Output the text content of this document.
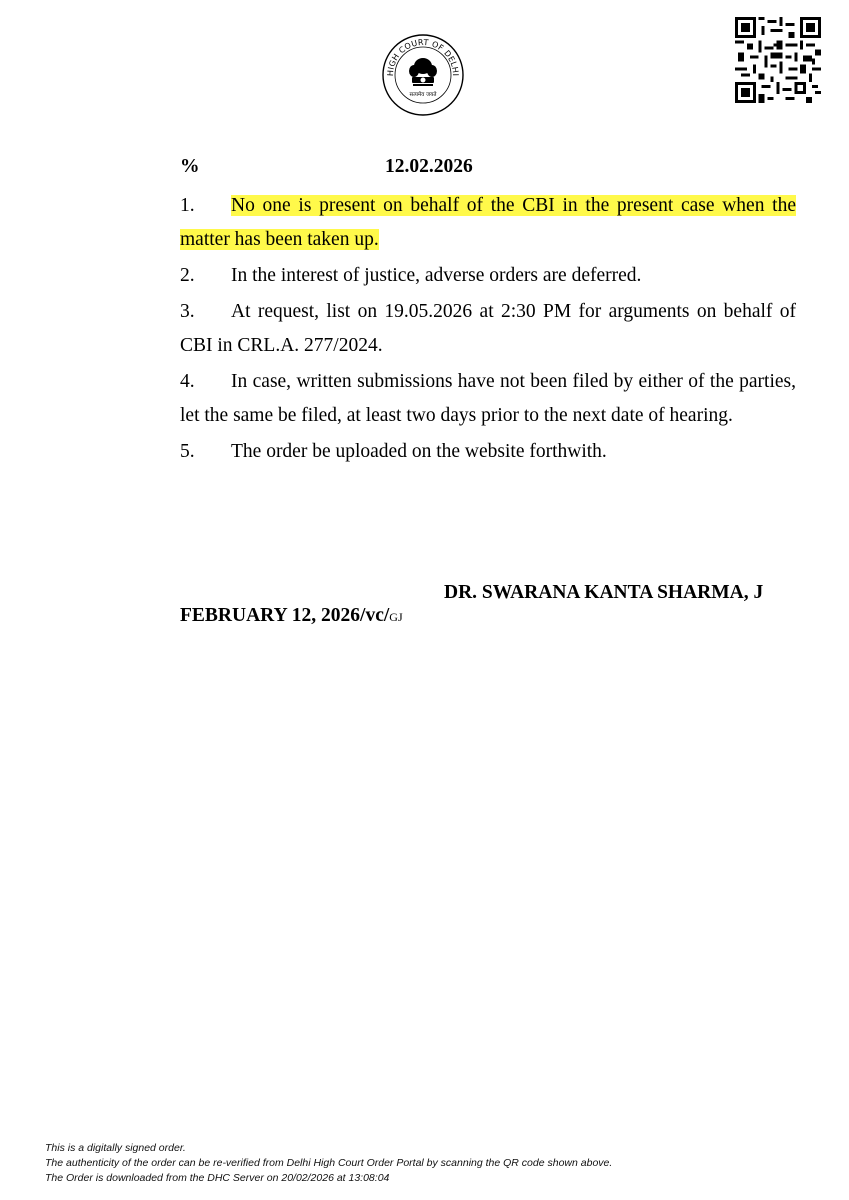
HIGH COURT OF DELHI
सत्यमेव जयते
%	12.02.2026

1. No one is present on behalf of the CBI in the present case when the matter has been taken up.

2. In the interest of justice, adverse orders are deferred.

3. At request, list on 19.05.2026 at 2:30 PM for arguments on behalf of CBI in CRL.A. 277/2024.

4. In case, written submissions have not been filed by either of the parties, let the same be filed, at least two days prior to the next date of hearing.

5. The order be uploaded on the website forthwith.

DR. SWARANA KANTA SHARMA, J
FEBRUARY 12, 2026/vc/GJ
This is a digitally signed order.
The authenticity of the order can be re-verified from Delhi High Court Order Portal by scanning the QR code shown above.
The Order is downloaded from the DHC Server on 20/02/2026 at 13:08:04
